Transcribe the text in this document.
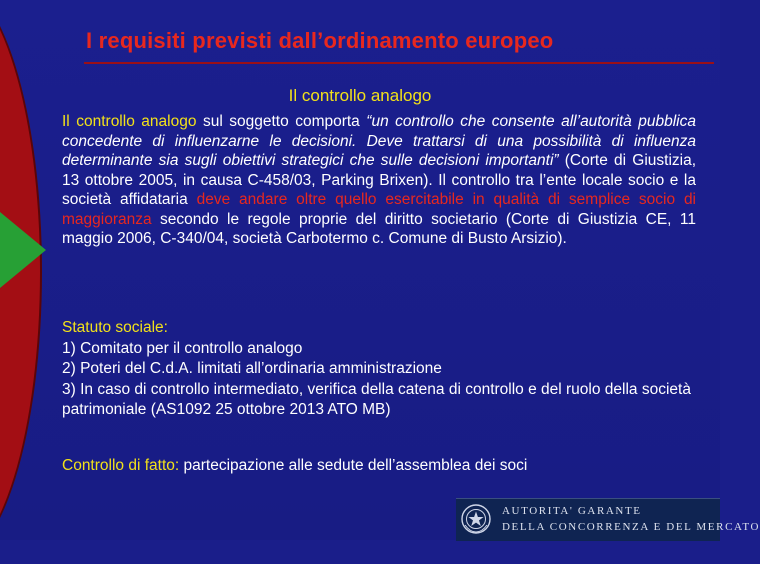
I requisiti previsti dall’ordinamento europeo
Il controllo analogo

Il controllo analogo sul soggetto comporta “un controllo che consente all’autorità pubblica concedente di influenzarne le decisioni. Deve trattarsi di una possibilità di influenza determinante sia sugli obiettivi strategici che sulle decisioni importanti” (Corte di Giustizia, 13 ottobre 2005, in causa C-458/03, Parking Brixen). Il controllo tra l’ente locale socio e la società affidataria deve andare oltre quello esercitabile in qualità di semplice socio di maggioranza secondo le regole proprie del diritto societario (Corte di Giustizia CE, 11 maggio 2006, C-340/04, società Carbotermo c. Comune di Busto Arsizio).

Statuto sociale:
1) Comitato per il controllo analogo
2) Poteri del C.d.A. limitati all’ordinaria amministrazione
3) In caso di controllo intermediato, verifica della catena di controllo e del ruolo della società patrimoniale (AS1092 25 ottobre 2013 ATO MB)

Controllo di fatto: partecipazione alle sedute dell’assemblea dei soci

AUTORITA' GARANTE
DELLA CONCORRENZA E DEL MERCATO
